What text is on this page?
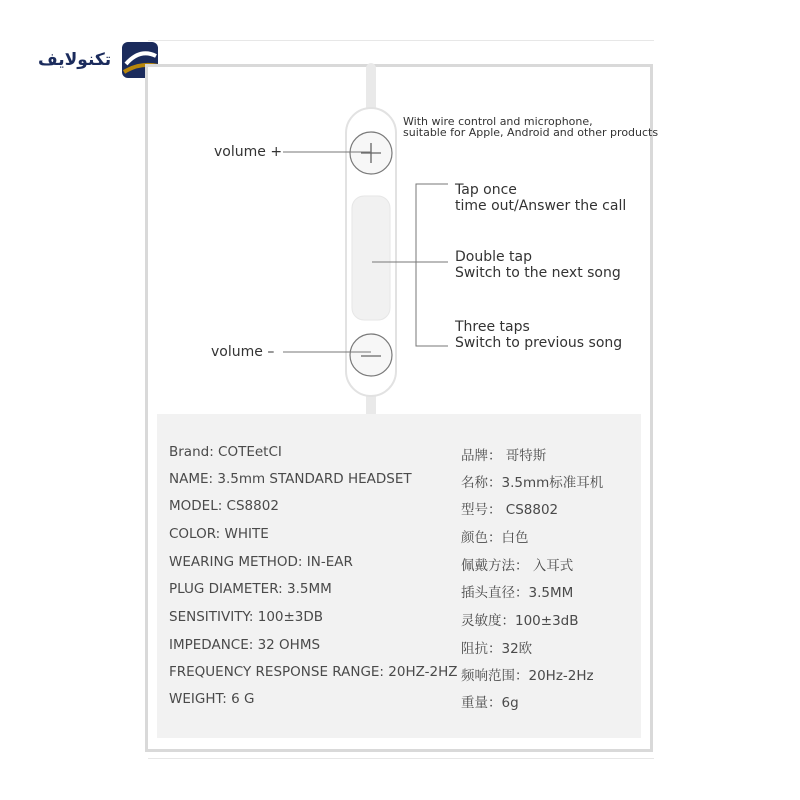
تکنولایف
With wire control and microphone,
suitable for Apple, Android and other products
volume +
volume –
Tap once
time out/Answer the call
Double tap
Switch to the next song
Three taps
Switch to previous song
Brand: COTEetCI	品牌： 哥特斯
NAME: 3.5mm STANDARD HEADSET	名称：3.5mm标准耳机
MODEL: CS8802	型号： CS8802
COLOR: WHITE	颜色：白色
WEARING METHOD: IN-EAR	佩戴方法： 入耳式
PLUG DIAMETER: 3.5MM	插头直径：3.5MM
SENSITIVITY: 100±3DB	灵敏度：100±3dB
IMPEDANCE: 32 OHMS	阻抗：32欧
FREQUENCY RESPONSE RANGE: 20HZ-2HZ 频响范围：20Hz-2Hz
WEIGHT: 6 G	重量：6g
